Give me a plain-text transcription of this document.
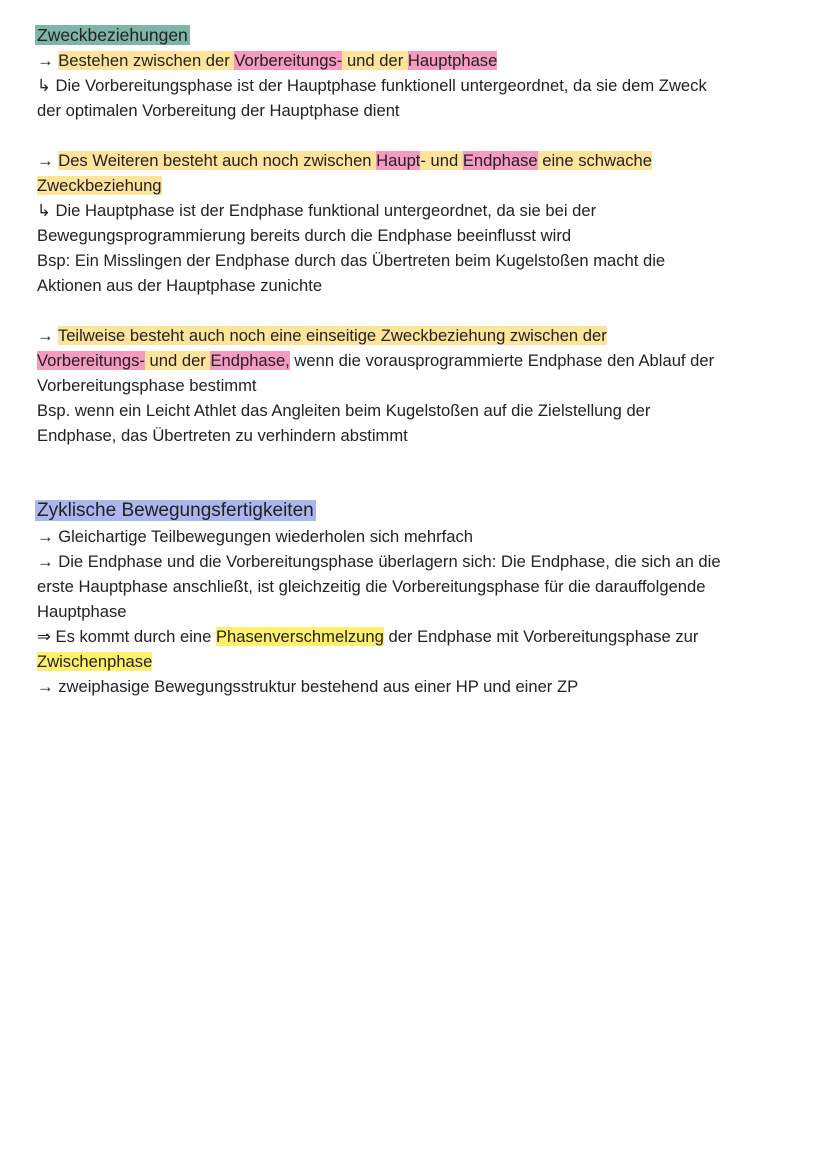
Zweckbeziehungen
→ Bestehen zwischen der Vorbereitungs- und der Hauptphase
↳ Die Vorbereitungsphase ist der Hauptphase funktionell untergeordnet, da sie dem Zweck
der optimalen Vorbereitung der Hauptphase dient
→ Des Weiteren besteht auch noch zwischen Haupt- und Endphase eine schwache
Zweckbeziehung
↳ Die Hauptphase ist der Endphase funktional untergeordnet, da sie bei der
Bewegungsprogrammierung bereits durch die Endphase beeinflusst wird
Bsp: Ein Misslingen der Endphase durch das Übertreten beim Kugelstoßen macht die
Aktionen aus der Hauptphase zunichte
→ Teilweise besteht auch noch eine einseitige Zweckbeziehung zwischen der
Vorbereitungs- und der Endphase, wenn die vorausprogrammierte Endphase den Ablauf der
Vorbereitungsphase bestimmt
Bsp. wenn ein Leicht Athlet das Angleiten beim Kugelstoßen auf die Zielstellung der
Endphase, das Übertreten zu verhindern abstimmt
Zyklische Bewegungsfertigkeiten
→ Gleichartige Teilbewegungen wiederholen sich mehrfach
→ Die Endphase und die Vorbereitungsphase überlagern sich: Die Endphase, die sich an die
erste Hauptphase anschließt, ist gleichzeitig die Vorbereitungsphase für die darauffolgende
Hauptphase
⇒ Es kommt durch eine Phasenverschmelzung der Endphase mit Vorbereitungsphase zur
Zwischenphase
→ zweiphasige Bewegungsstruktur bestehend aus einer HP und einer ZP
